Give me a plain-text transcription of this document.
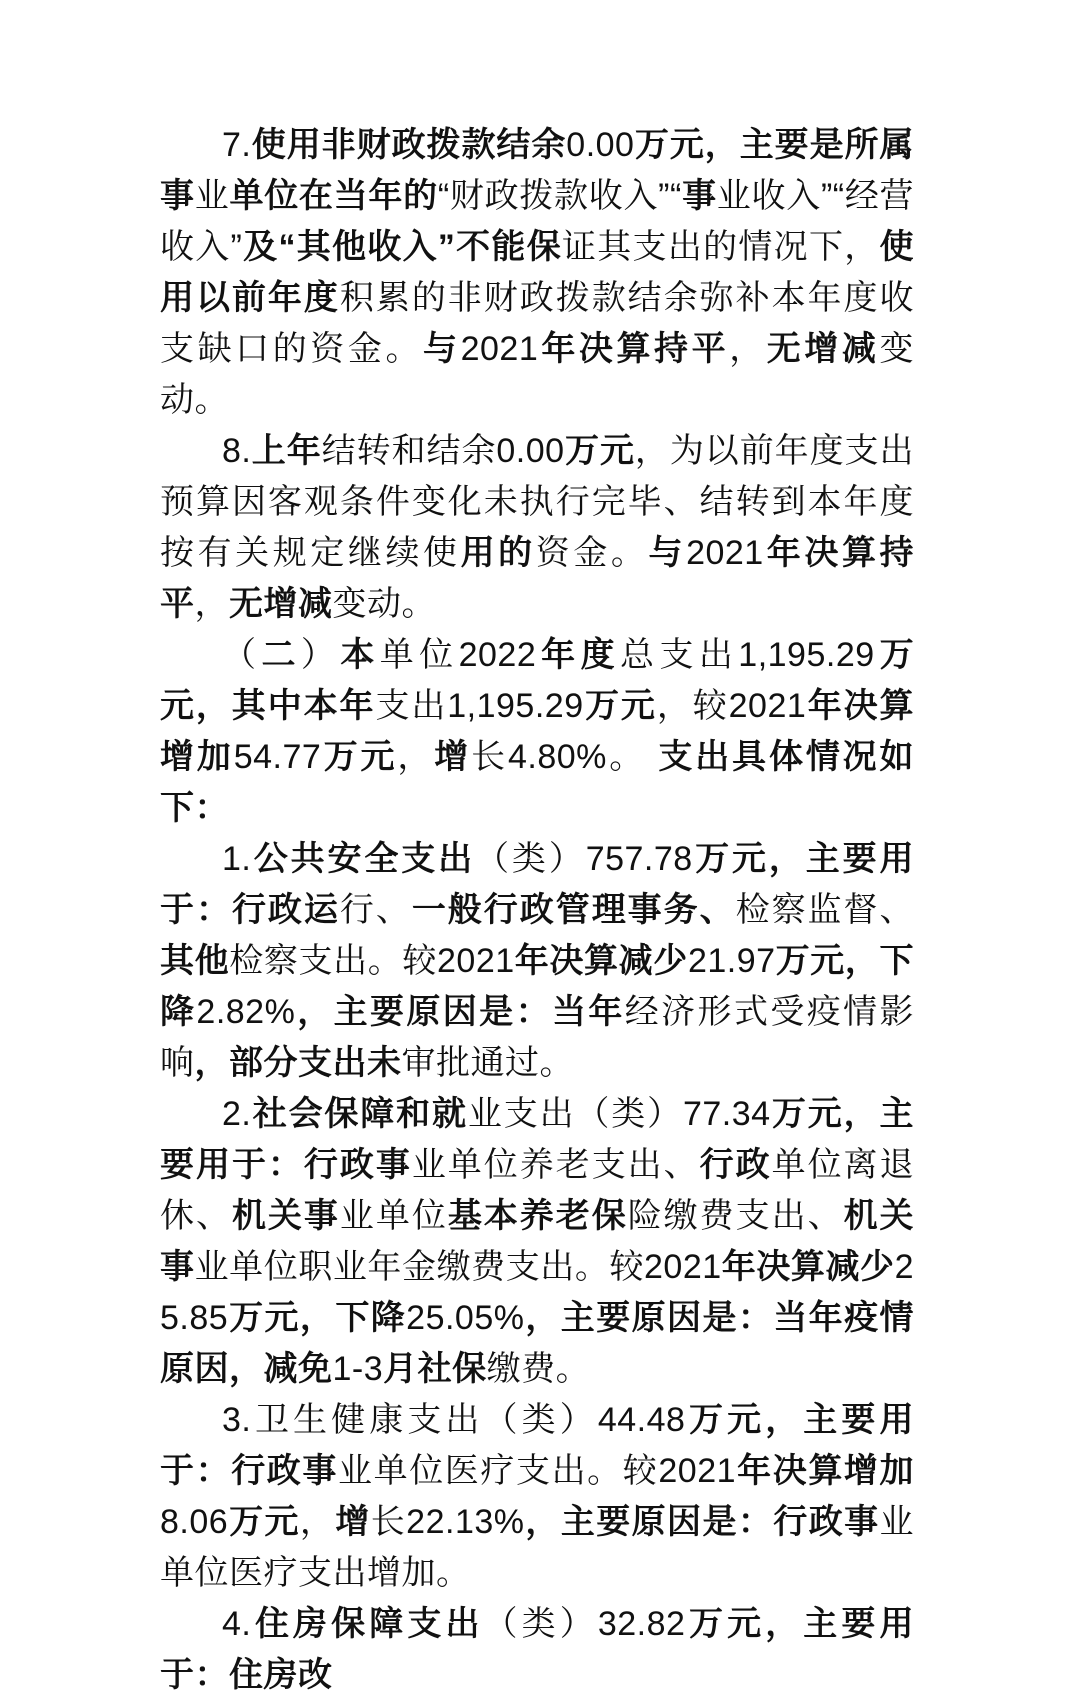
7.使用非财政拨款结余0.00万元，主要是所属事业单位在当年的“财政拨款收入”“事业收入”“经营收入”及“其他收入”不能保证其支出的情况下，使用以前年度积累的非财政拨款结余弥补本年度收支缺口的资金。与2021年决算持平，无增减变动。

8.上年结转和结余0.00万元，为以前年度支出预算因客观条件变化未执行完毕、结转到本年度按有关规定继续使用的资金。与2021年决算持平，无增减变动。

（二）本单位2022年度总支出1,195.29万元，其中本年支出1,195.29万元，较2021年决算增加54.77万元，增长4.80%。 支出具体情况如下：

1.公共安全支出（类）757.78万元，主要用于：行政运行、一般行政管理事务、检察监督、其他检察支出。较2021年决算减少21.97万元，下降2.82%，主要原因是：当年经济形式受疫情影响，部分支出未审批通过。

2.社会保障和就业支出（类）77.34万元，主要用于：行政事业单位养老支出、行政单位离退休、机关事业单位基本养老保险缴费支出、机关事业单位职业年金缴费支出。较2021年决算减少25.85万元，下降25.05%，主要原因是：当年疫情原因，减免1-3月社保缴费。

3.卫生健康支出（类）44.48万元，主要用于：行政事业单位医疗支出。较2021年决算增加8.06万元，增长22.13%，主要原因是：行政事业单位医疗支出增加。

4.住房保障支出（类）32.82万元，主要用于：住房改
